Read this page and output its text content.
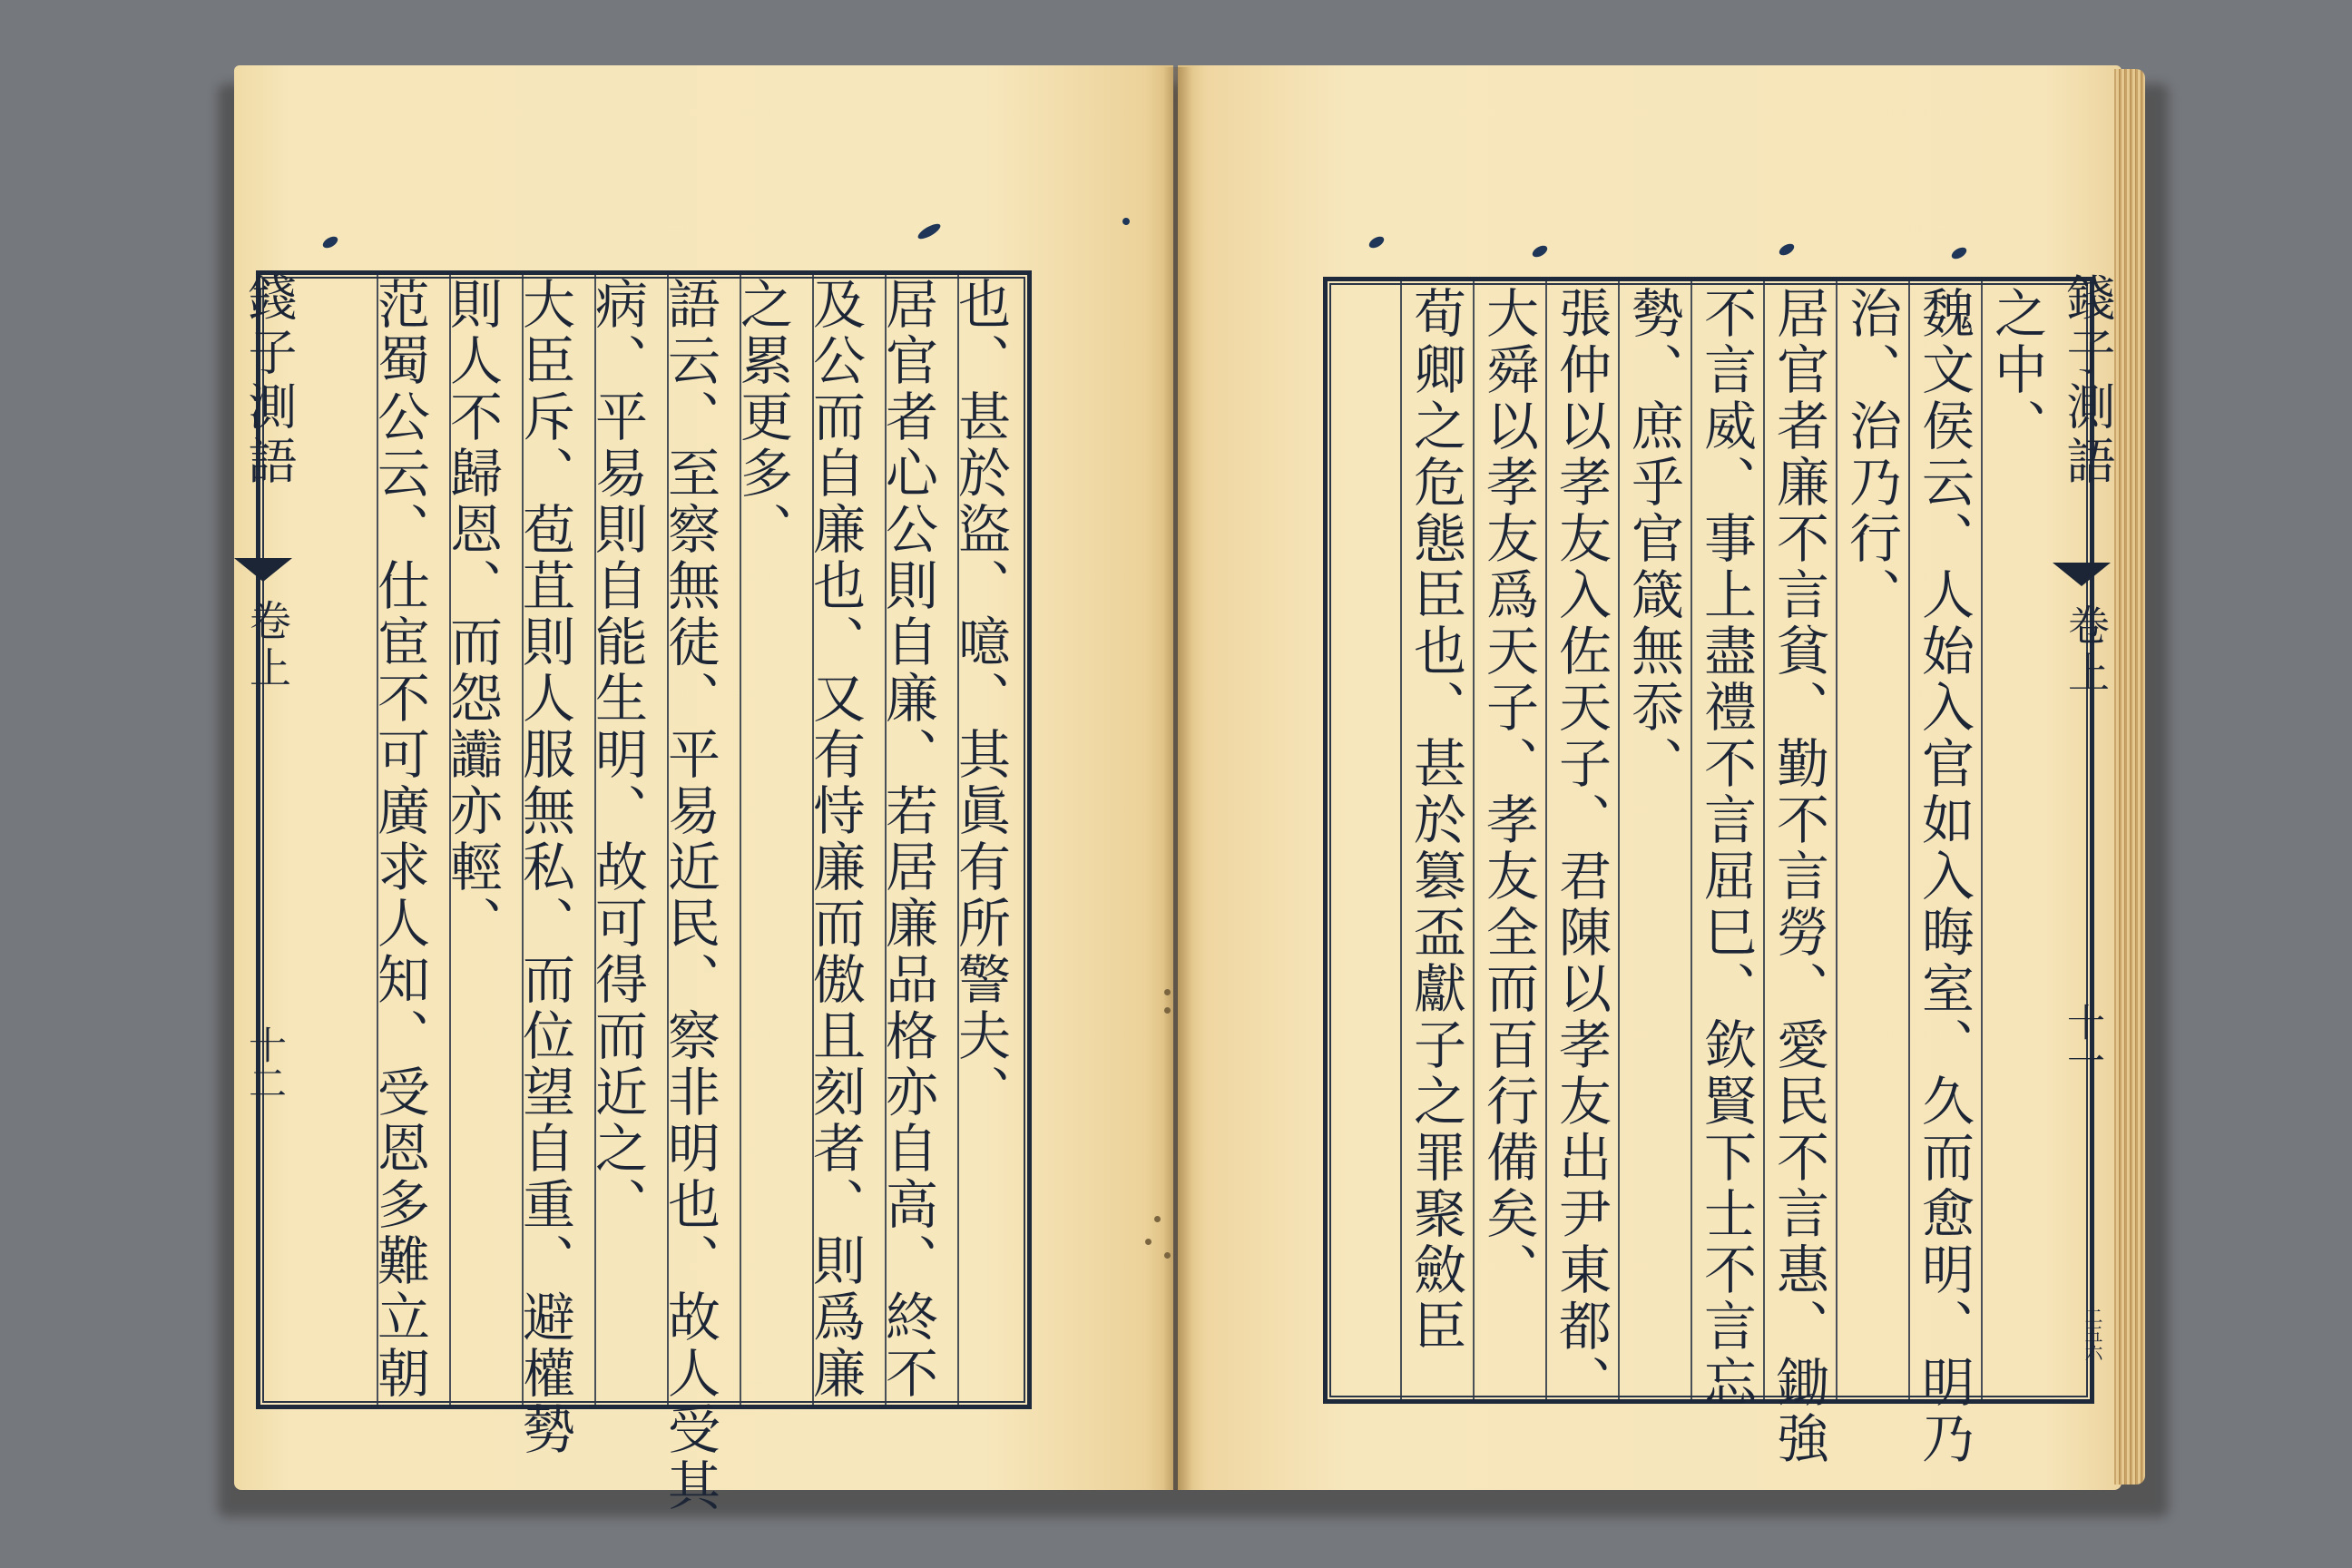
也、甚於盜、噫、其眞有所警夫、
居官者心公則自廉、若居廉品格亦自高、終不
及公而自廉也、又有恃廉而傲且刻者、則爲廉
之累更多、
語云、至察無徒、平易近民、察非明也、故人受其
病、平易則自能生明、故可得而近之、
大臣斥、苞苴則人服無私、而位望自重、避權勢
則人不歸恩、而怨讟亦輕、
范蜀公云、仕宦不可廣求人知、受恩多難立朝
錢子測語
卷上
十二
之中、
魏文侯云、人始入官如入晦室、久而愈明、明乃
治、治乃行、
居官者廉不言貧、勤不言勞、愛民不言惠、鋤強
不言威、事上盡禮不言屈巳、欽賢下士不言忘
勢、庶乎官箴無忝、
張仲以孝友入佐天子、君陳以孝友出尹東都、
大舜以孝友爲天子、孝友全而百行備矣、
荀卿之危態臣也、甚於篡盃獻子之罪聚斂臣	錢子測語
卷上
十一
二五六
